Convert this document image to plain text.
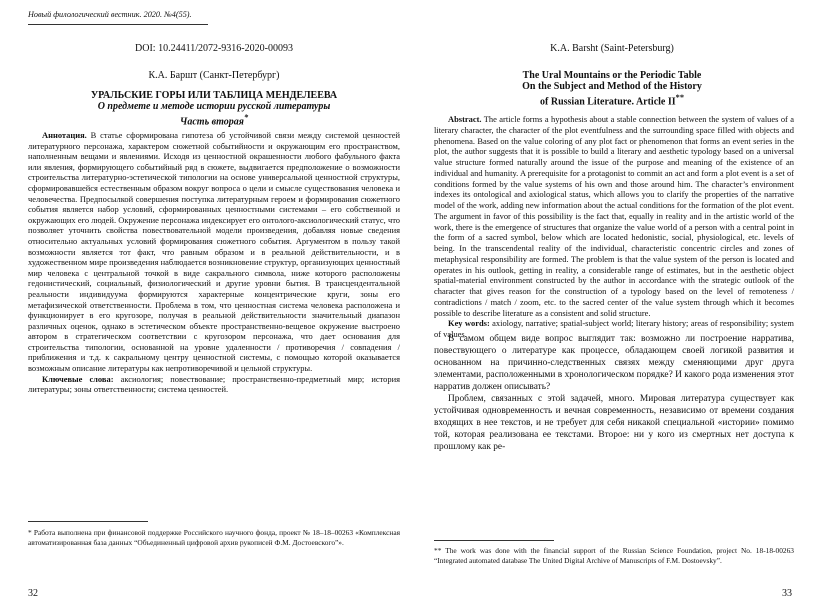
Новый филологический вестник. 2020. №4(55).
DOI: 10.24411/2072-9316-2020-00093
К.А. Баршт (Санкт-Петербург)
УРАЛЬСКИЕ ГОРЫ ИЛИ ТАБЛИЦА МЕНДЕЛЕЕВА
О предмете и методе истории русской литературы
Часть вторая*

Аннотация. В статье сформирована гипотеза об устойчивой связи между системой ценностей литературного персонажа, характером сюжетной событийности и окружающим его пространством, наполненным вещами и явлениями. Исходя из ценностной окрашенности любого фабульного факта или явления, формирующего событийный ряд в сюжете, выдвигается предположение о возможности строительства литературно-эстетической типологии на основе универсальной ценностной структуры, сформировавшейся естественным образом вокруг вопроса о цели и смысле существования человека и человечества. Предпосылкой совершения поступка литературным героем и формирования сюжетного события является набор условий, сформированных ценностными системами – его собственной и окружающих его людей. Окружение персонажа индексирует его онтолого-аксиологический статус, что позволяет уточнить свойства повествовательной модели произведения, добавляя новые сведения относительно актуальных условий формирования сюжетного события. Аргументом в пользу такой возможности является тот факт, что равным образом и в реальной действительности, и в художественном мире произведения наблюдается возникновение структур, организующих ценностный мир человека с центральной точкой в виде сакрального символа, ниже которого расположены гедонистический, социальный, физиологический и другие уровни бытия. В трансцендентальной реальности индивидуума формируются характерные концентрические круги, зоны его метафизической ответственности. Проблема в том, что ценностная система человека расположена и функционирует в его кругозоре, получая в реальной действительности значительный диапазон различных оценок, однако в эстетическом объекте пространственно-вещевое окружение выстроено автором в стратегическом соответствии с кругозором персонажа, что дает основания для строительства типологии, основанной на уровне удаленности / противоречия / совпадения / приближения и т.д. к сакральному центру ценностной системы, с помощью которой оказывается возможным описание литературы как непротиворечивой и цельной структуры.

Ключевые слова: аксиология; повествование; пространственно-предметный мир; история литературы; зоны ответственности; система ценностей.

* Работа выполнена при финансовой поддержке Российского научного фонда, проект № 18–18–00263 «Комплексная автоматизированная база данных “Объединенный цифровой архив рукописей Ф.М. Достоевского”».
32
K.A. Barsht (Saint-Petersburg)
The Ural Mountains or the Periodic Table
On the Subject and Method of the History
of Russian Literature. Article II**

Abstract. The article forms a hypothesis about a stable connection between the system of values of a literary character, the character of the plot eventfulness and the surrounding space filled with objects and phenomena. Based on the value coloring of any plot fact or phenomenon that forms an event series in the plot, the author suggests that it is possible to build a literary and aesthetic typology based on a universal value structure formed naturally around the issue of the purpose and meaning of the existence of an individual and humanity. A prerequisite for a protagonist to commit an act and form a plot event is a set of conditions formed by the value systems of his own and those around him. The character’s environment indexes its ontological and axiological status, which allows you to clarify the properties of the narrative model of the work, adding new information about the actual conditions for the formation of the plot event. The argument in favor of this possibility is the fact that, equally in reality and in the artistic world of the work, there is the emergence of structures that organize the value world of a person with a central point in the form of a sacred symbol, below which are located hedonistic, social, physiological, etc. levels of being. In the transcendental reality of the individual, characteristic concentric circles and zones of metaphysical responsibility are formed. The problem is that the value system of the person is located and operates in his outlook, getting in reality, a considerable range of estimates, but in the aesthetic object spatial-material environment constructed by the author in accordance with the strategic outlook of the character that gives reason for the construction of a typology based on the level of remoteness / contradictions / match / zoom, etc. to the sacred center of the value system through which it becomes possible to describe literature as a consistent and solid structure.

Key words: axiology, narrative; spatial-subject world; literary history; areas of responsibility; system of values.

В самом общем виде вопрос выглядит так: возможно ли построение нарратива, повествующего о литературе как процессе, обладающем своей логикой развития и основанном на причинно-следственных связях между сменяющими друг друга элементами, расположенными в хронологическом порядке? И какого рода изменения этот нарратив должен описывать?

Проблем, связанных с этой задачей, много. Мировая литература существует как устойчивая одновременность и вечная современность, независимо от времени создания входящих в нее текстов, и не требует для себя никакой специальной «истории» помимо той, которая реализована ее текстами. Второе: ни у кого из смертных нет доступа к прошлому как ре-

** The work was done with the financial support of the Russian Science Foundation, project No. 18-18-00263 “Integrated automated database The United Digital Archive of Manuscripts of F.M. Dostoevsky”.
33
